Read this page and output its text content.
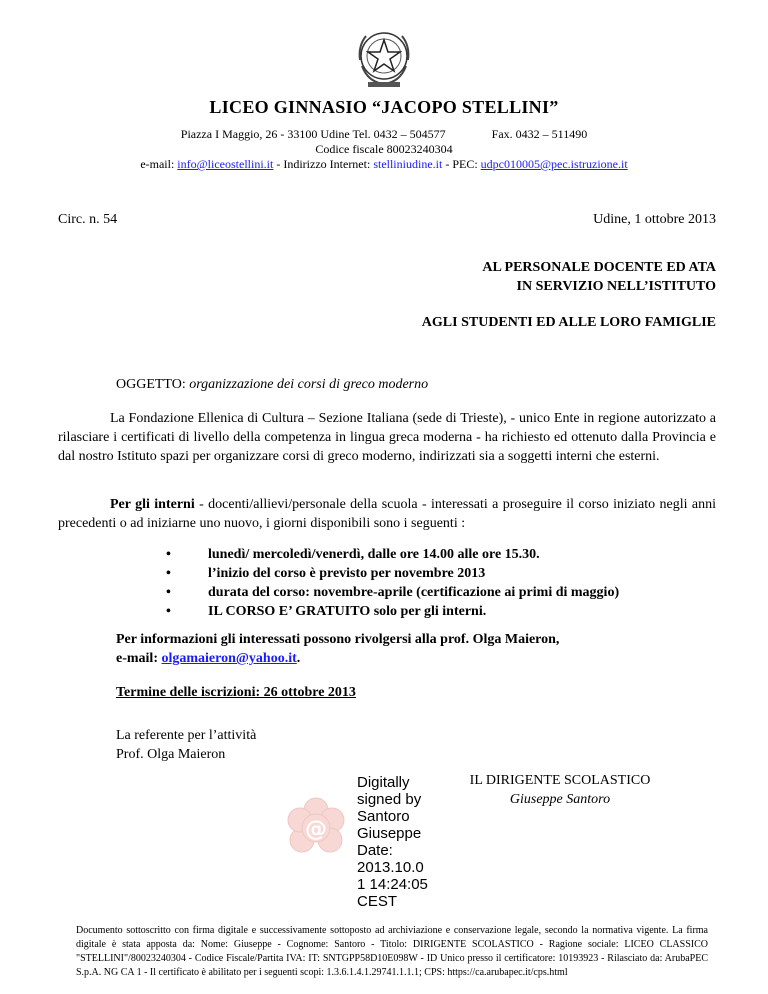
LICEO GINNASIO “JACOPO STELLINI”
Piazza I Maggio, 26 - 33100 Udine Tel. 0432 – 504577	Fax. 0432 – 511490
Codice fiscale 80023240304
e-mail: info@liceostellini.it - Indirizzo Internet: stelliniudine.it - PEC: udpc010005@pec.istruzione.it
Circ. n. 54	Udine, 1 ottobre 2013
AL PERSONALE DOCENTE ED ATA
IN SERVIZIO NELL’ISTITUTO
AGLI STUDENTI ED ALLE LORO FAMIGLIE
OGGETTO: organizzazione dei corsi di greco moderno
La Fondazione Ellenica di Cultura – Sezione Italiana (sede di Trieste), - unico Ente in regione autorizzato a rilasciare i certificati di livello della competenza in lingua greca moderna - ha richiesto ed ottenuto dalla Provincia e dal nostro Istituto spazi per organizzare corsi di greco moderno, indirizzati sia a soggetti interni che esterni.
Per gli interni - docenti/allievi/personale della scuola - interessati a proseguire il corso iniziato negli anni precedenti o ad iniziarne uno nuovo, i giorni disponibili sono i seguenti :
•	lunedì/ mercoledì/venerdì, dalle ore 14.00 alle ore 15.30.
•	l’inizio del corso è previsto per novembre 2013
•	durata del corso: novembre-aprile (certificazione ai primi di maggio)
•	IL CORSO E’ GRATUITO solo per gli interni.
Per informazioni gli interessati possono rivolgersi alla prof. Olga Maieron,
e-mail: olgamaieron@yahoo.it.
Termine delle iscrizioni: 26 ottobre 2013
La referente per l’attività
Prof. Olga Maieron
@
Digitally
signed by
Santoro
Giuseppe
Date:
2013.10.0
1 14:24:05
CEST
IL DIRIGENTE SCOLASTICO
Giuseppe Santoro
Documento sottoscritto con firma digitale e successivamente sottoposto ad archiviazione e conservazione legale, secondo la normativa vigente. La firma digitale è stata apposta da: Nome: Giuseppe - Cognome: Santoro - Titolo: DIRIGENTE SCOLASTICO - Ragione sociale: LICEO CLASSICO "STELLINI"/80023240304 - Codice Fiscale/Partita IVA: IT: SNTGPP58D10E098W - ID Unico presso il certificatore: 10193923 - Rilasciato da: ArubaPEC S.p.A. NG CA 1 - Il certificato è abilitato per i seguenti scopi: 1.3.6.1.4.1.29741.1.1.1; CPS: https://ca.arubapec.it/cps.html
